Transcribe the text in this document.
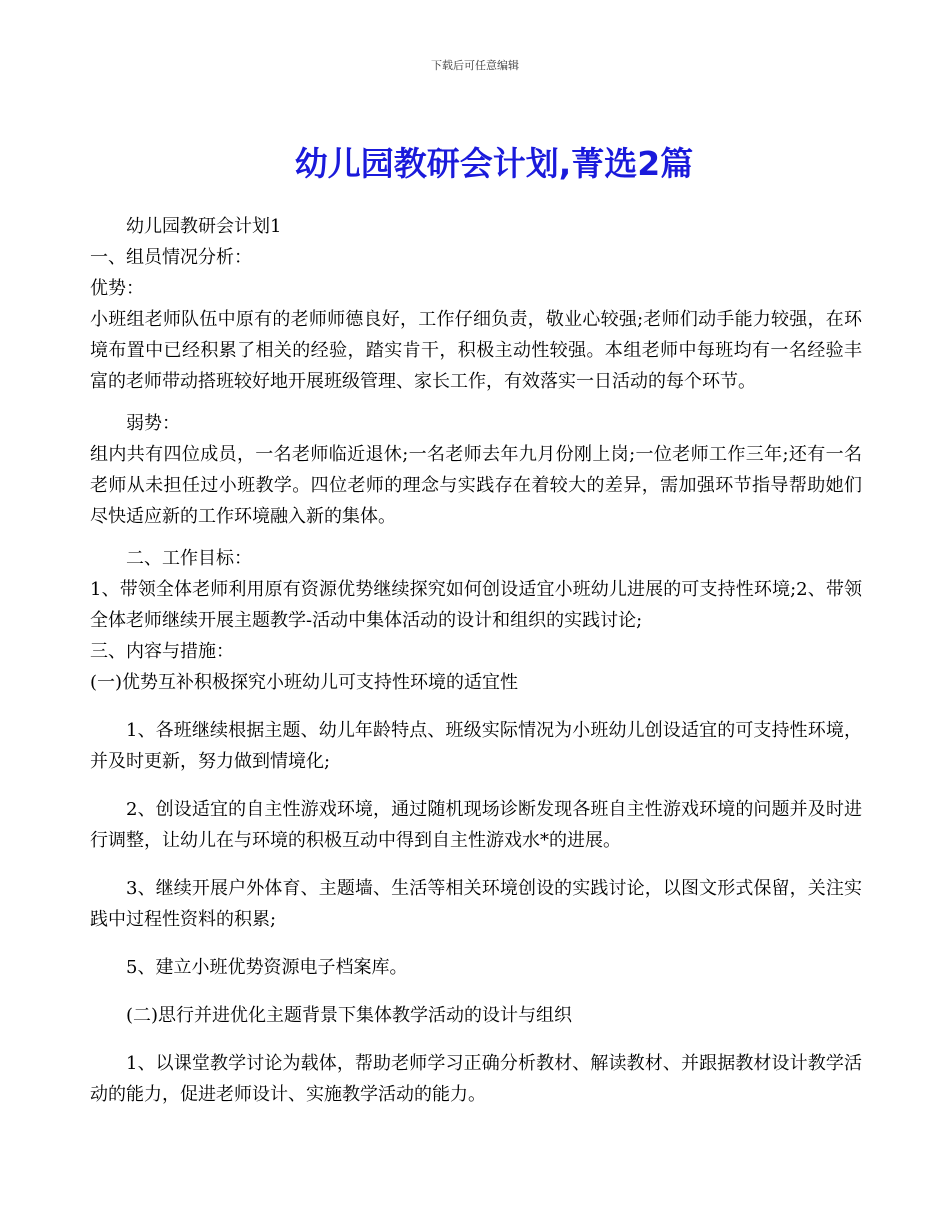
下载后可任意编辑
幼儿园教研会计划,菁选2篇

幼儿园教研会计划1

一、组员情况分析：

优势：

小班组老师队伍中原有的老师师德良好，工作仔细负责，敬业心较强;老师们动手能力较强，在环境布置中已经积累了相关的经验，踏实肯干，积极主动性较强。本组老师中每班均有一名经验丰富的老师带动搭班较好地开展班级管理、家长工作，有效落实一日活动的每个环节。

弱势：

组内共有四位成员，一名老师临近退休;一名老师去年九月份刚上岗;一位老师工作三年;还有一名老师从未担任过小班教学。四位老师的理念与实践存在着较大的差异，需加强环节指导帮助她们尽快适应新的工作环境融入新的集体。

二、工作目标：

1、带领全体老师利用原有资源优势继续探究如何创设适宜小班幼儿进展的可支持性环境;2、带领全体老师继续开展主题教学-活动中集体活动的设计和组织的实践讨论;

三、内容与措施：

(一)优势互补积极探究小班幼儿可支持性环境的适宜性

1、各班继续根据主题、幼儿年龄特点、班级实际情况为小班幼儿创设适宜的可支持性环境，并及时更新，努力做到情境化;

2、创设适宜的自主性游戏环境，通过随机现场诊断发现各班自主性游戏环境的问题并及时进行调整，让幼儿在与环境的积极互动中得到自主性游戏水*的进展。

3、继续开展户外体育、主题墙、生活等相关环境创设的实践讨论，以图文形式保留，关注实践中过程性资料的积累;

5、建立小班优势资源电子档案库。

(二)思行并进优化主题背景下集体教学活动的设计与组织

1、以课堂教学讨论为载体，帮助老师学习正确分析教材、解读教材、并跟据教材设计教学活动的能力，促进老师设计、实施教学活动的能力。
